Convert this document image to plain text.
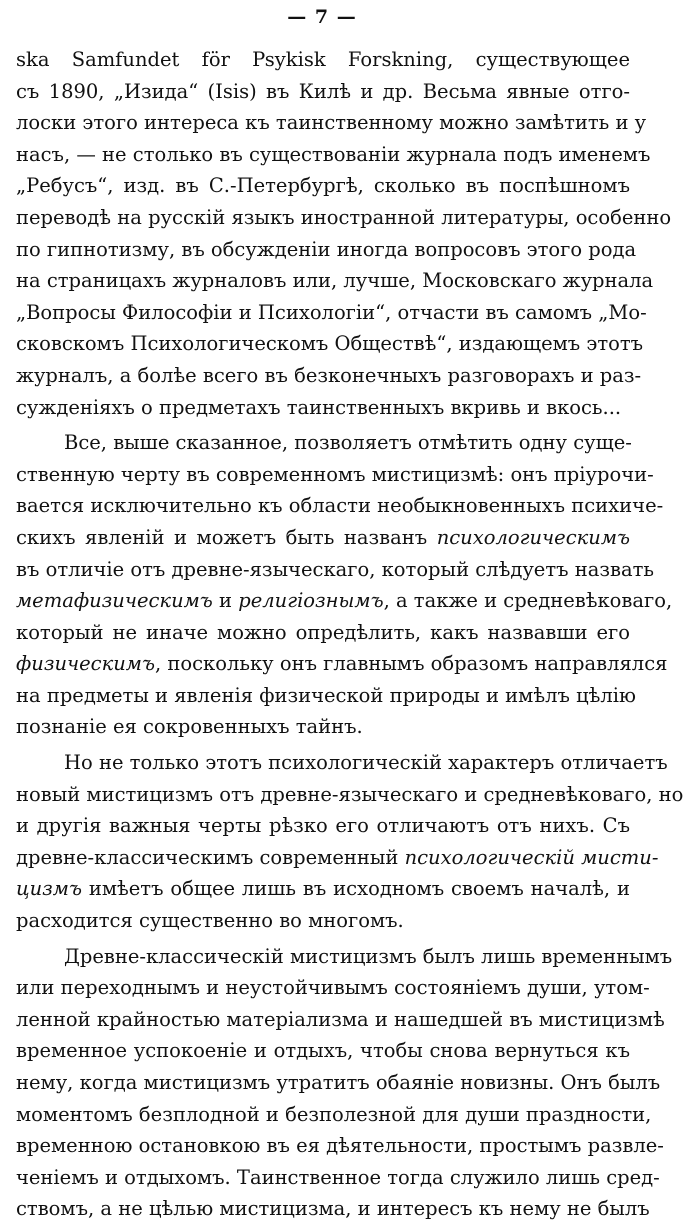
— 7 —
ska Samfundet för Psykisk Forskning, существующее
съ 1890, „Изида“ (Isis) въ Килѣ и др. Весьма явные отго-
лоски этого интереса къ таинственному можно замѣтить и у
насъ, — не столько въ существованіи журнала подъ именемъ
„Ребусъ“, изд. въ С.-Петербургѣ, сколько въ поспѣшномъ
переводѣ на русскій языкъ иностранной литературы, особенно
по гипнотизму, въ обсужденіи иногда вопросовъ этого рода
на страницахъ журналовъ или, лучше, Московскаго журнала
„Вопросы Философіи и Психологіи“, отчасти въ самомъ „Мо-
сковскомъ Психологическомъ Обществѣ“, издающемъ этотъ
журналъ, а болѣе всего въ безконечныхъ разговорахъ и раз-
сужденіяхъ о предметахъ таинственныхъ вкривь и вкось...
Все, выше сказанное, позволяетъ отмѣтить одну суще-
ственную черту въ современномъ мистицизмѣ: онъ пріурочи-
вается исключительно къ области необыкновенныхъ психиче-
скихъ явленій и можетъ быть названъ психологическимъ
въ отличіе отъ древне-языческаго, который слѣдуетъ назвать
метафизическимъ и религіознымъ, а также и средневѣковаго,
который не иначе можно опредѣлить, какъ назвавши его
физическимъ, поскольку онъ главнымъ образомъ направлялся
на предметы и явленія физической природы и имѣлъ цѣлію
познаніе ея сокровенныхъ тайнъ.
Но не только этотъ психологическій характеръ отличаетъ
новый мистицизмъ отъ древне-языческаго и средневѣковаго, но
и другія важныя черты рѣзко его отличаютъ отъ нихъ. Съ
древне-классическимъ современный психологическій мисти-
цизмъ имѣетъ общее лишь въ исходномъ своемъ началѣ, и
расходится существенно во многомъ.
Древне-классическій мистицизмъ былъ лишь временнымъ
или переходнымъ и неустойчивымъ состояніемъ души, утом-
ленной крайностью матеріализма и нашедшей въ мистицизмѣ
временное успокоеніе и отдыхъ, чтобы снова вернуться къ
нему, когда мистицизмъ утратитъ обаяніе новизны. Онъ былъ
моментомъ безплодной и безполезной для души праздности,
временною остановкою въ ея дѣятельности, простымъ развле-
ченіемъ и отдыхомъ. Таинственное тогда служило лишь сред-
ствомъ, а не цѣлью мистицизма, и интересъ къ нему не былъ
